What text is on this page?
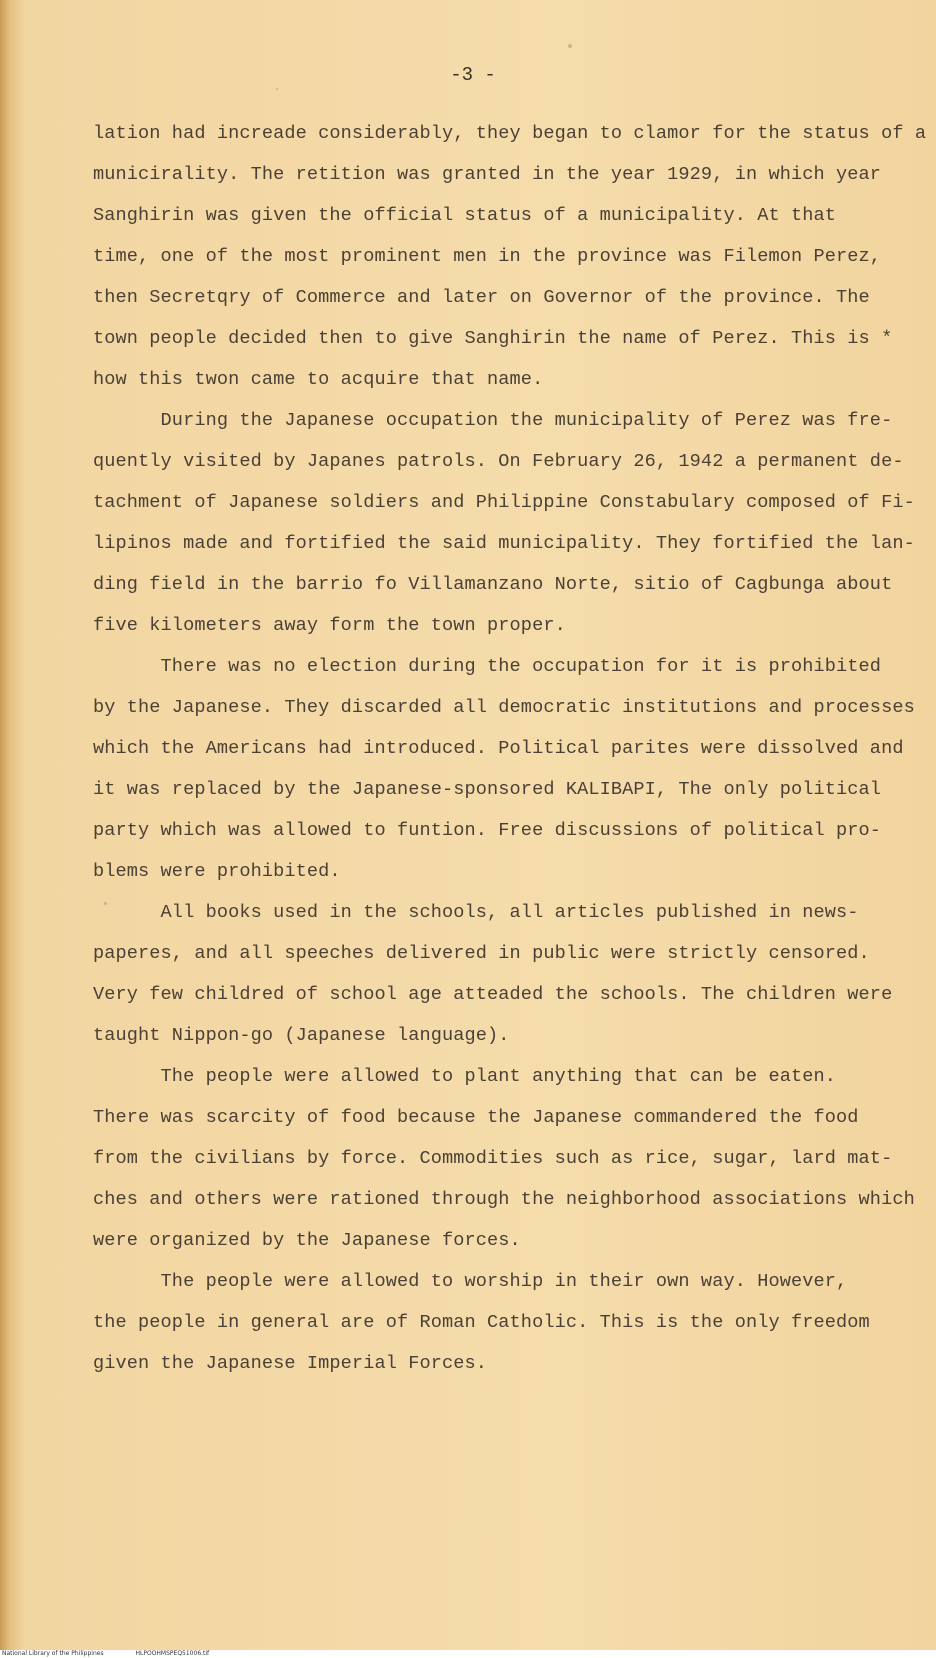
-3 -
lation had increade considerably, they began to clamor for the status of a
municirality. The retition was granted in the year 1929, in which year
Sanghirin was given the official status of a municipality. At that
time, one of the most prominent men in the province was Filemon Perez,
then Secretqry of Commerce and later on Governor of the province. The
town people decided then to give Sanghirin the name of Perez. This is *
how this twon came to acquire that name.
During the Japanese occupation the municipality of Perez was fre-
quently visited by Japanes patrols. On February 26, 1942 a permanent de-
tachment of Japanese soldiers and Philippine Constabulary composed of Fi-
lipinos made and fortified the said municipality. They fortified the lan-
ding field in the barrio fo Villamanzano Norte, sitio of Cagbunga about
five kilometers away form the town proper.
There was no election during the occupation for it is prohibited
by the Japanese. They discarded all democratic institutions and processes
which the Americans had introduced. Political parites were dissolved and
it was replaced by the Japanese-sponsored KALIBAPI, The only political
party which was allowed to funtion. Free discussions of political pro-
blems were prohibited.
All books used in the schools, all articles published in news-
paperes, and all speeches delivered in public were strictly censored.
Very few childred of school age atteaded the schools. The children were
taught Nippon-go (Japanese language).
The people were allowed to plant anything that can be eaten.
There was scarcity of food because the Japanese commandered the food
from the civilians by force. Commodities such as rice, sugar, lard mat-
ches and others were rationed through the neighborhood associations which
were organized by the Japanese forces.
The people were allowed to worship in their own way. However,
the people in general are of Roman Catholic. This is the only freedom
given the Japanese Imperial Forces.
National Library of the Philippines	HLPOOHMSPEQ51006.tif
